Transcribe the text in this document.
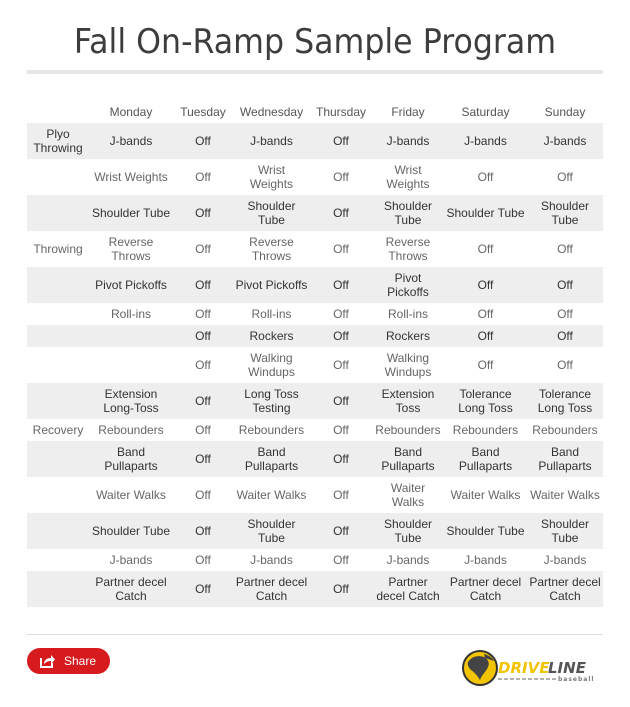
Fall On-Ramp Sample Program
	Monday	Tuesday	Wednesday	Thursday	Friday	Saturday	Sunday
Plyo Throwing	J-bands	Off	J-bands	Off	J-bands	J-bands	J-bands
	Wrist Weights	Off	Wrist Weights	Off	Wrist Weights	Off	Off
	Shoulder Tube	Off	Shoulder Tube	Off	Shoulder Tube	Shoulder Tube	Shoulder Tube
Throwing	Reverse Throws	Off	Reverse Throws	Off	Reverse Throws	Off	Off
	Pivot Pickoffs	Off	Pivot Pickoffs	Off	Pivot Pickoffs	Off	Off
	Roll-ins	Off	Roll-ins	Off	Roll-ins	Off	Off
		Off	Rockers	Off	Rockers	Off	Off
		Off	Walking Windups	Off	Walking Windups	Off	Off
	Extension Long-Toss	Off	Long Toss Testing	Off	Extension Toss	Tolerance Long Toss	Tolerance Long Toss
Recovery	Rebounders	Off	Rebounders	Off	Rebounders	Rebounders	Rebounders
	Band Pullaparts	Off	Band Pullaparts	Off	Band Pullaparts	Band Pullaparts	Band Pullaparts
	Waiter Walks	Off	Waiter Walks	Off	Waiter Walks	Waiter Walks	Waiter Walks
	Shoulder Tube	Off	Shoulder Tube	Off	Shoulder Tube	Shoulder Tube	Shoulder Tube
	J-bands	Off	J-bands	Off	J-bands	J-bands	J-bands
	Partner decel Catch	Off	Partner decel Catch	Off	Partner decel Catch	Partner decel Catch	Partner decel Catch
Share	DRIVE
LINE
baseball
